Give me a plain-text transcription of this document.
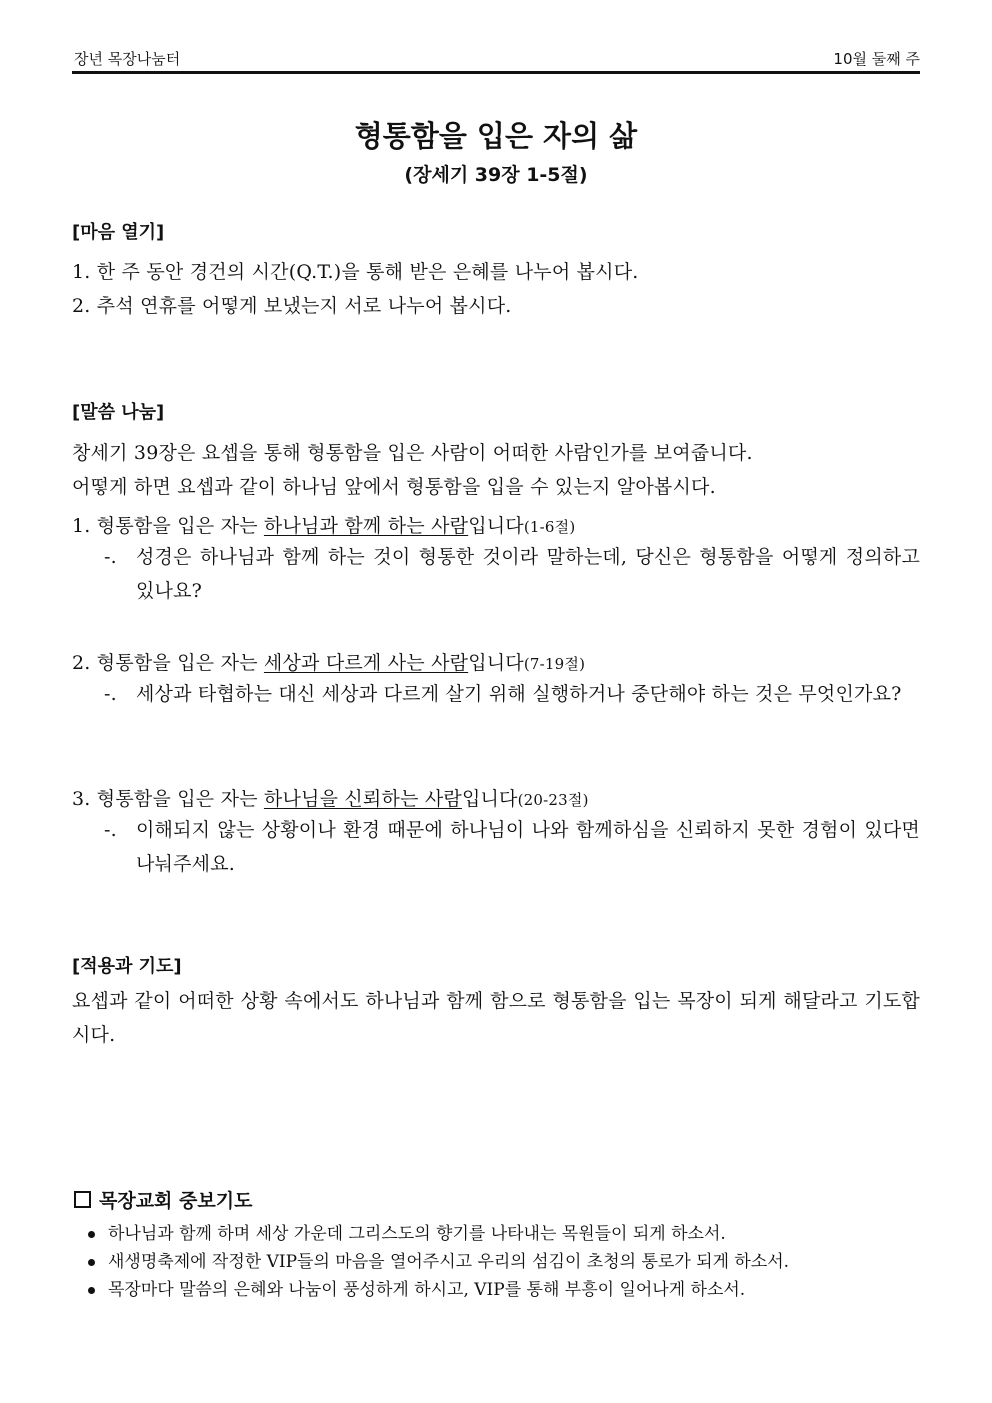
장년 목장나눔터	10월 둘째 주
형통함을 입은 자의 삶
(장세기 39장 1-5절)
[마음 열기]
1. 한 주 동안 경건의 시간(Q.T.)을 통해 받은 은혜를 나누어 봅시다.
2. 추석 연휴를 어떻게 보냈는지 서로 나누어 봅시다.
[말씀 나눔]
창세기 39장은 요셉을 통해 형통함을 입은 사람이 어떠한 사람인가를 보여줍니다.
어떻게 하면 요셉과 같이 하나님 앞에서 형통함을 입을 수 있는지 알아봅시다.
1. 형통함을 입은 자는 하나님과 함께 하는 사람입니다(1-6절)
-.	성경은 하나님과 함께 하는 것이 형통한 것이라 말하는데, 당신은 형통함을 어떻게 정의하고 있나요?
2. 형통함을 입은 자는 세상과 다르게 사는 사람입니다(7-19절)
-.	세상과 타협하는 대신 세상과 다르게 살기 위해 실행하거나 중단해야 하는 것은 무엇인가요?
3. 형통함을 입은 자는 하나님을 신뢰하는 사람입니다(20-23절)
-.	이해되지 않는 상황이나 환경 때문에 하나님이 나와 함께하심을 신뢰하지 못한 경험이 있다면 나눠주세요.
[적용과 기도]
요셉과 같이 어떠한 상황 속에서도 하나님과 함께 함으로 형통함을 입는 목장이 되게 해달라고 기도합시다.
목장교회 중보기도
하나님과 함께 하며 세상 가운데 그리스도의 향기를 나타내는 목원들이 되게 하소서.
새생명축제에 작정한 VIP들의 마음을 열어주시고 우리의 섬김이 초청의 통로가 되게 하소서.
목장마다 말씀의 은혜와 나눔이 풍성하게 하시고, VIP를 통해 부흥이 일어나게 하소서.
